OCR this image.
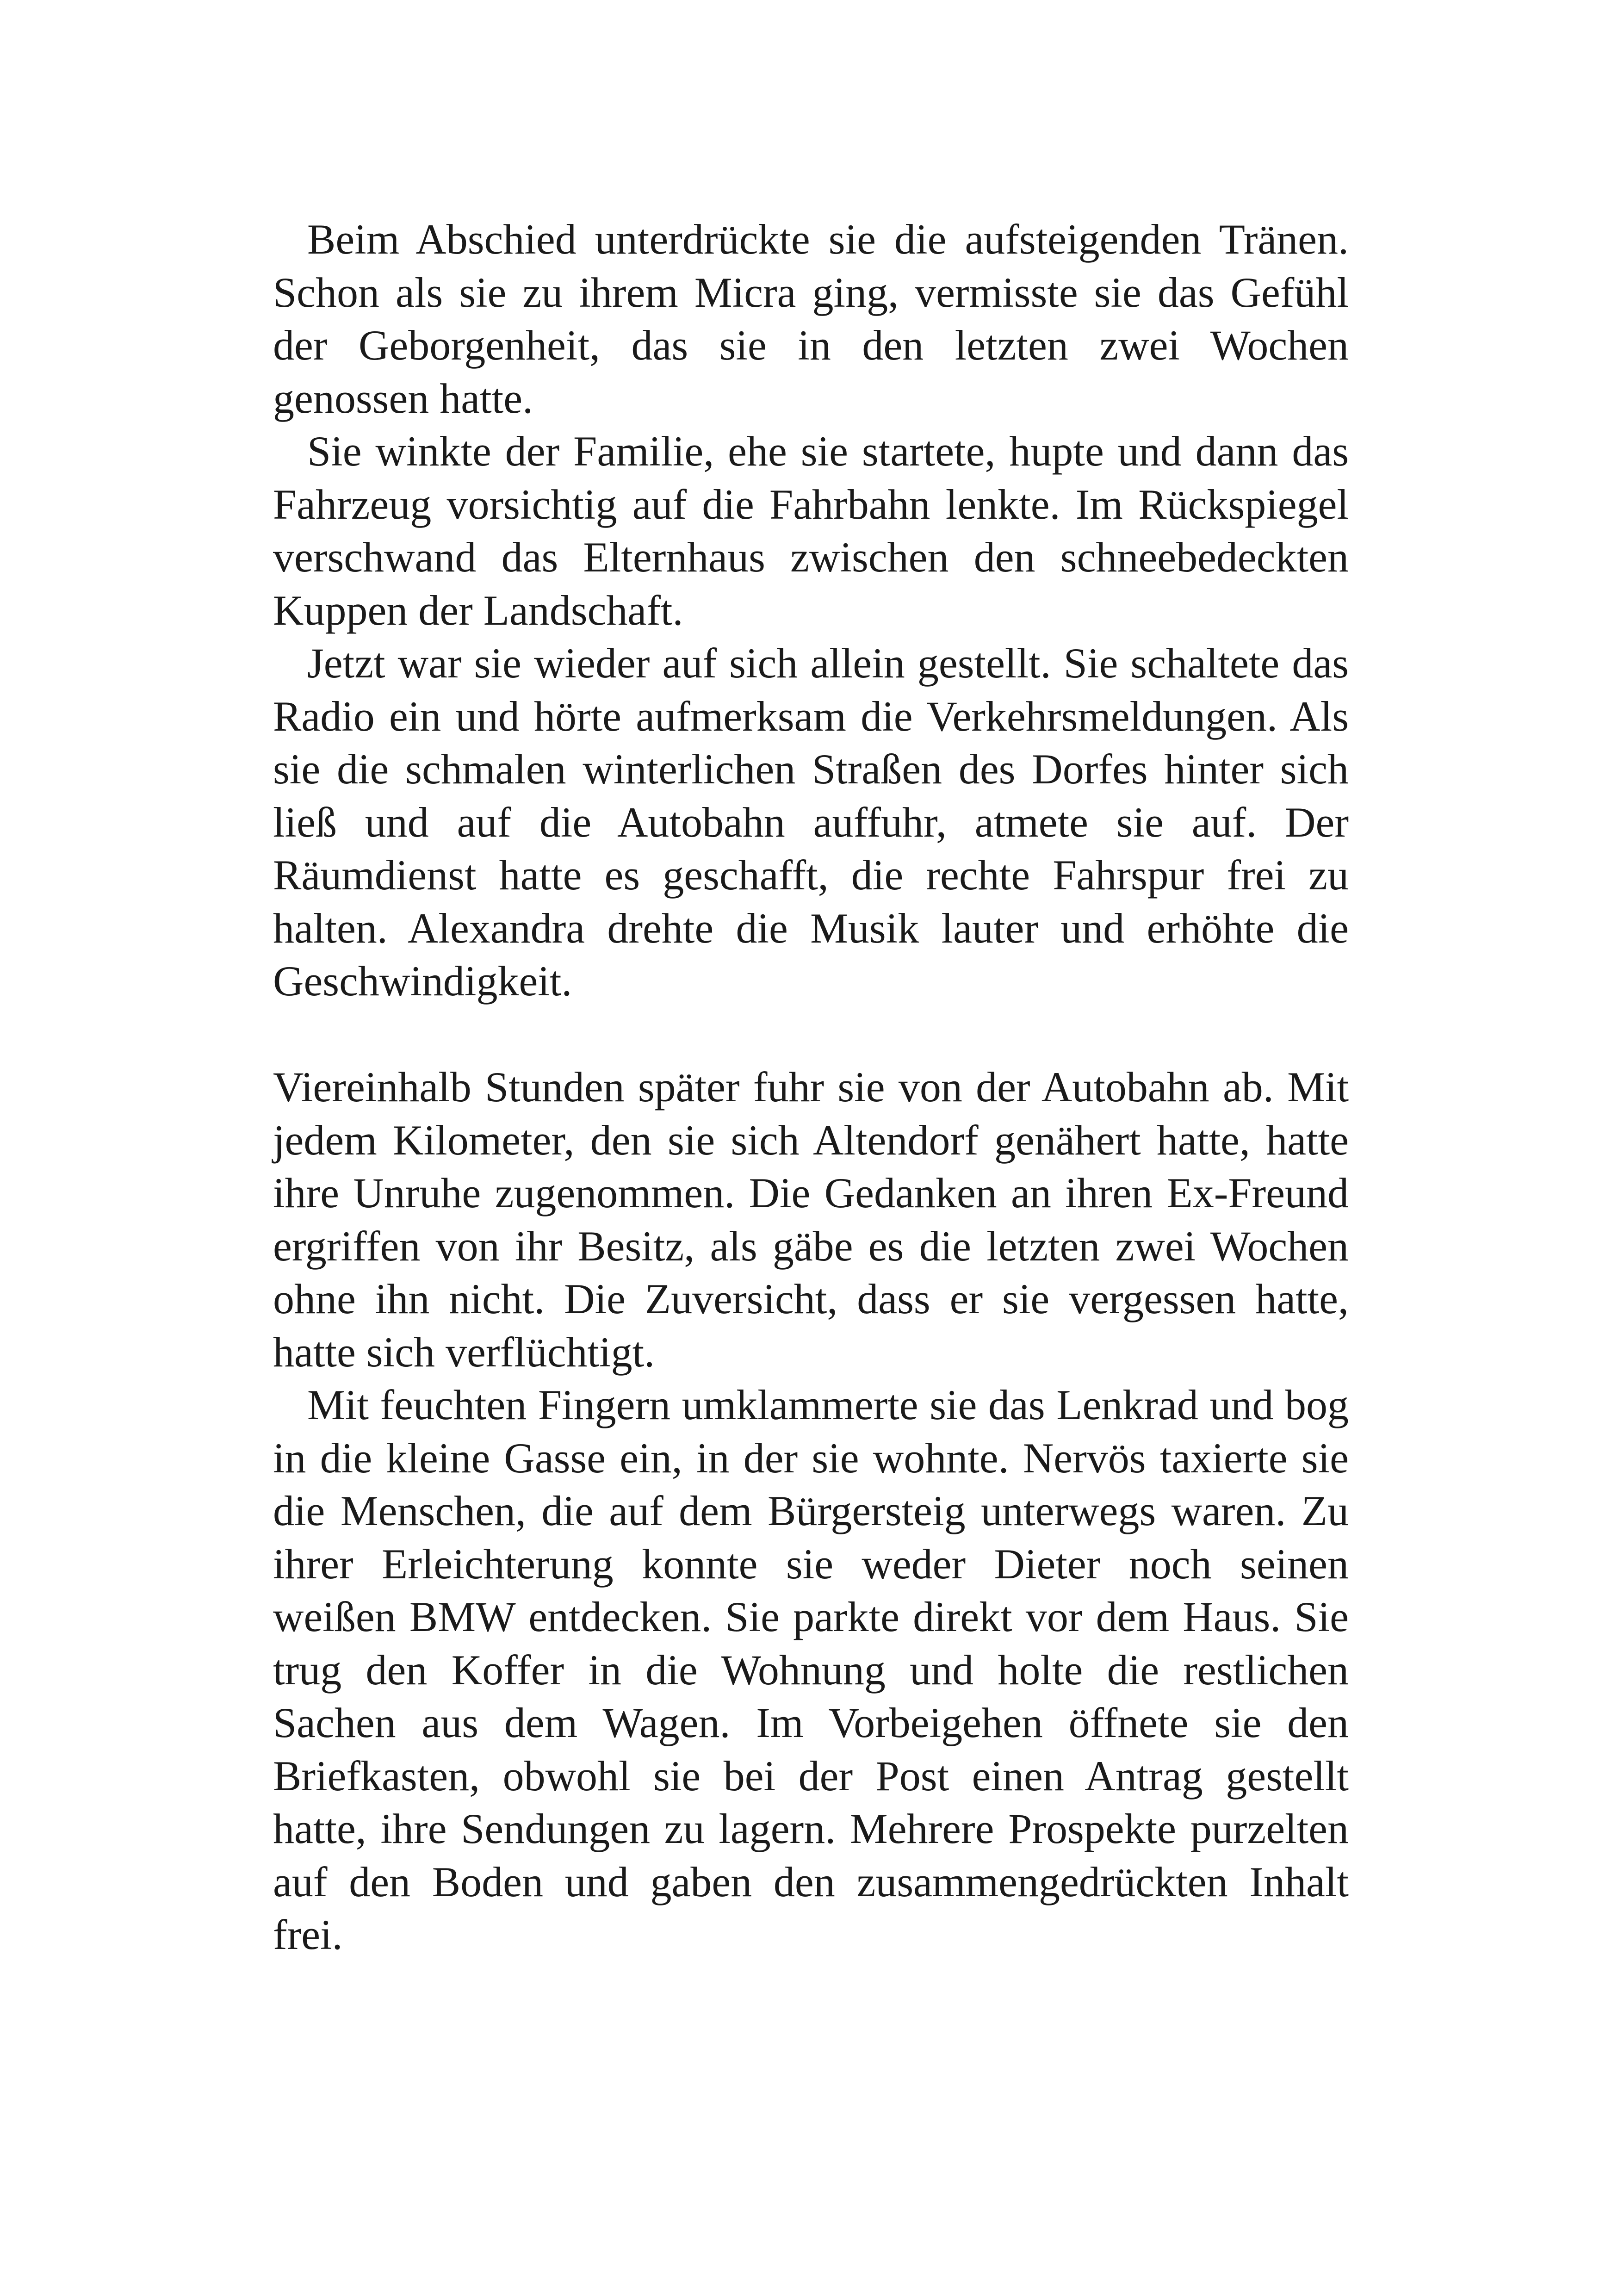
Beim Abschied unterdrückte sie die aufsteigenden Tränen. Schon als sie zu ihrem Micra ging, vermisste sie das Gefühl der Geborgenheit, das sie in den letzten zwei Wochen genossen hatte.

Sie winkte der Familie, ehe sie startete, hupte und dann das Fahrzeug vorsichtig auf die Fahrbahn lenkte. Im Rückspiegel verschwand das Elternhaus zwischen den schneebedeckten Kuppen der Landschaft.

Jetzt war sie wieder auf sich allein gestellt. Sie schaltete das Radio ein und hörte aufmerksam die Verkehrsmeldungen. Als sie die schmalen winterlichen Straßen des Dorfes hinter sich ließ und auf die Autobahn auffuhr, atmete sie auf. Der Räumdienst hatte es geschafft, die rechte Fahrspur frei zu halten. Alexandra drehte die Musik lauter und erhöhte die Geschwindigkeit.

Viereinhalb Stunden später fuhr sie von der Autobahn ab. Mit jedem Kilometer, den sie sich Altendorf genähert hatte, hatte ihre Unruhe zugenommen. Die Gedanken an ihren Ex-Freund ergriffen von ihr Besitz, als gäbe es die letzten zwei Wochen ohne ihn nicht. Die Zuversicht, dass er sie vergessen hatte, hatte sich verflüchtigt.

Mit feuchten Fingern umklammerte sie das Lenkrad und bog in die kleine Gasse ein, in der sie wohnte. Nervös taxierte sie die Menschen, die auf dem Bürgersteig unterwegs waren. Zu ihrer Erleichterung konnte sie weder Dieter noch seinen weißen BMW entdecken. Sie parkte direkt vor dem Haus. Sie trug den Koffer in die Wohnung und holte die restlichen Sachen aus dem Wagen. Im Vorbeigehen öffnete sie den Briefkasten, obwohl sie bei der Post einen Antrag gestellt hatte, ihre Sendungen zu lagern. Mehrere Prospekte purzelten auf den Boden und gaben den zusammengedrückten Inhalt frei.
